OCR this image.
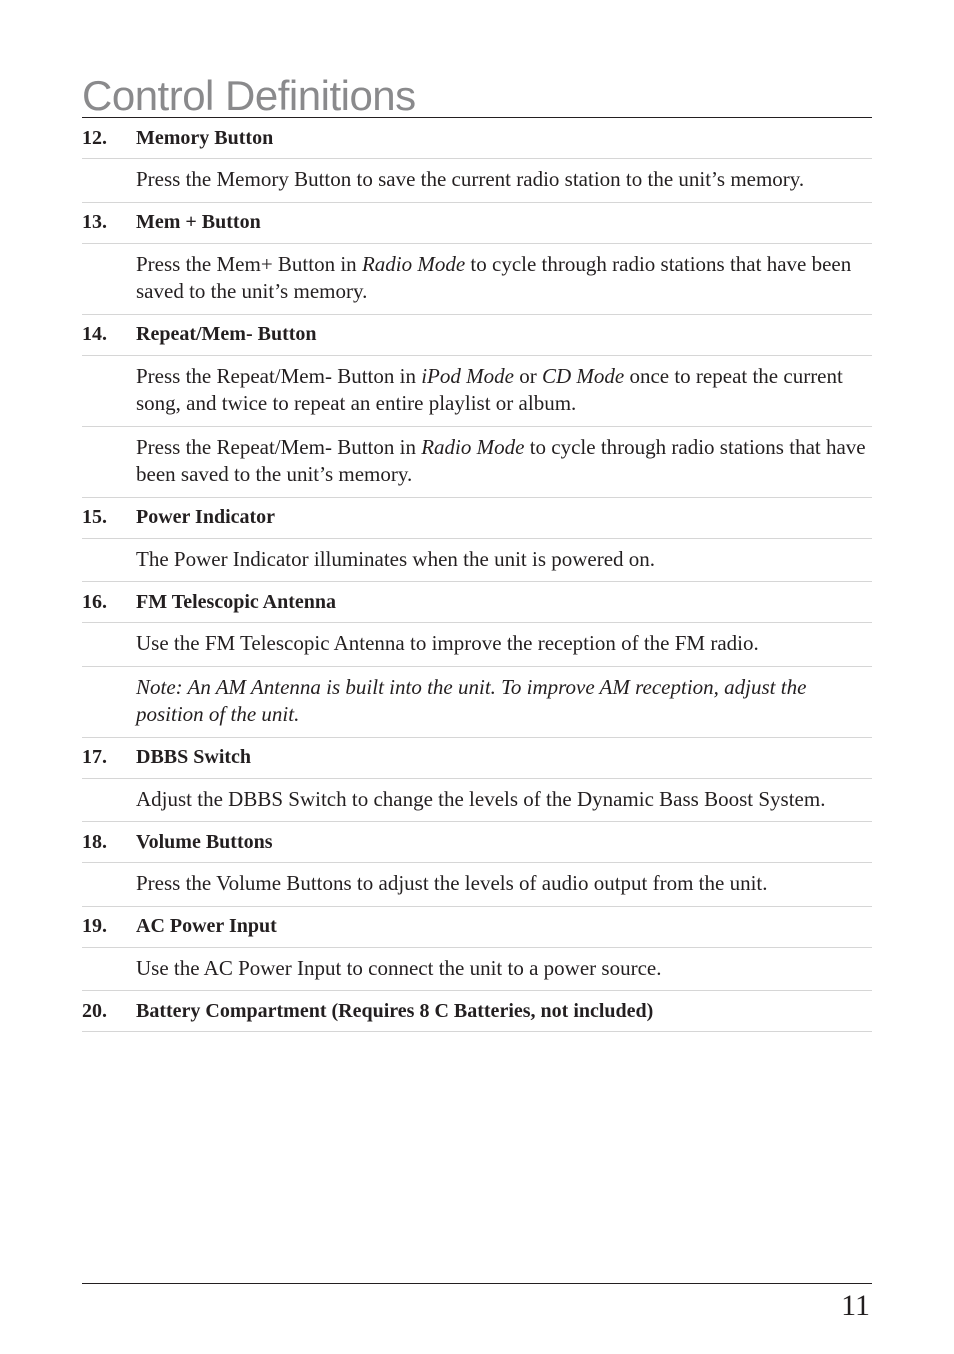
Control Definitions
12.	Memory Button
Press the Memory Button to save the current radio station to the unit’s memory.
13.	Mem + Button
Press the Mem+ Button in Radio Mode to cycle through radio stations that have been saved to the unit’s memory.
14.	Repeat/Mem- Button
Press the Repeat/Mem- Button in iPod Mode or CD Mode once to repeat the current song, and twice to repeat an entire playlist or album.
Press the Repeat/Mem- Button in Radio Mode to cycle through radio stations that have been saved to the unit’s memory.
15.	Power Indicator
The Power Indicator illuminates when the unit is powered on.
16.	FM Telescopic Antenna
Use the FM Telescopic Antenna to improve the reception of the FM radio.
Note: An AM Antenna is built into the unit. To improve AM reception, adjust the position of the unit.
17.	DBBS Switch
Adjust the DBBS Switch to change the levels of the Dynamic Bass Boost System.
18.	Volume Buttons
Press the Volume Buttons to adjust the levels of audio output from the unit.
19.	AC Power Input
Use the AC Power Input to connect the unit to a power source.
20.	Battery Compartment (Requires 8 C Batteries, not included)
11
